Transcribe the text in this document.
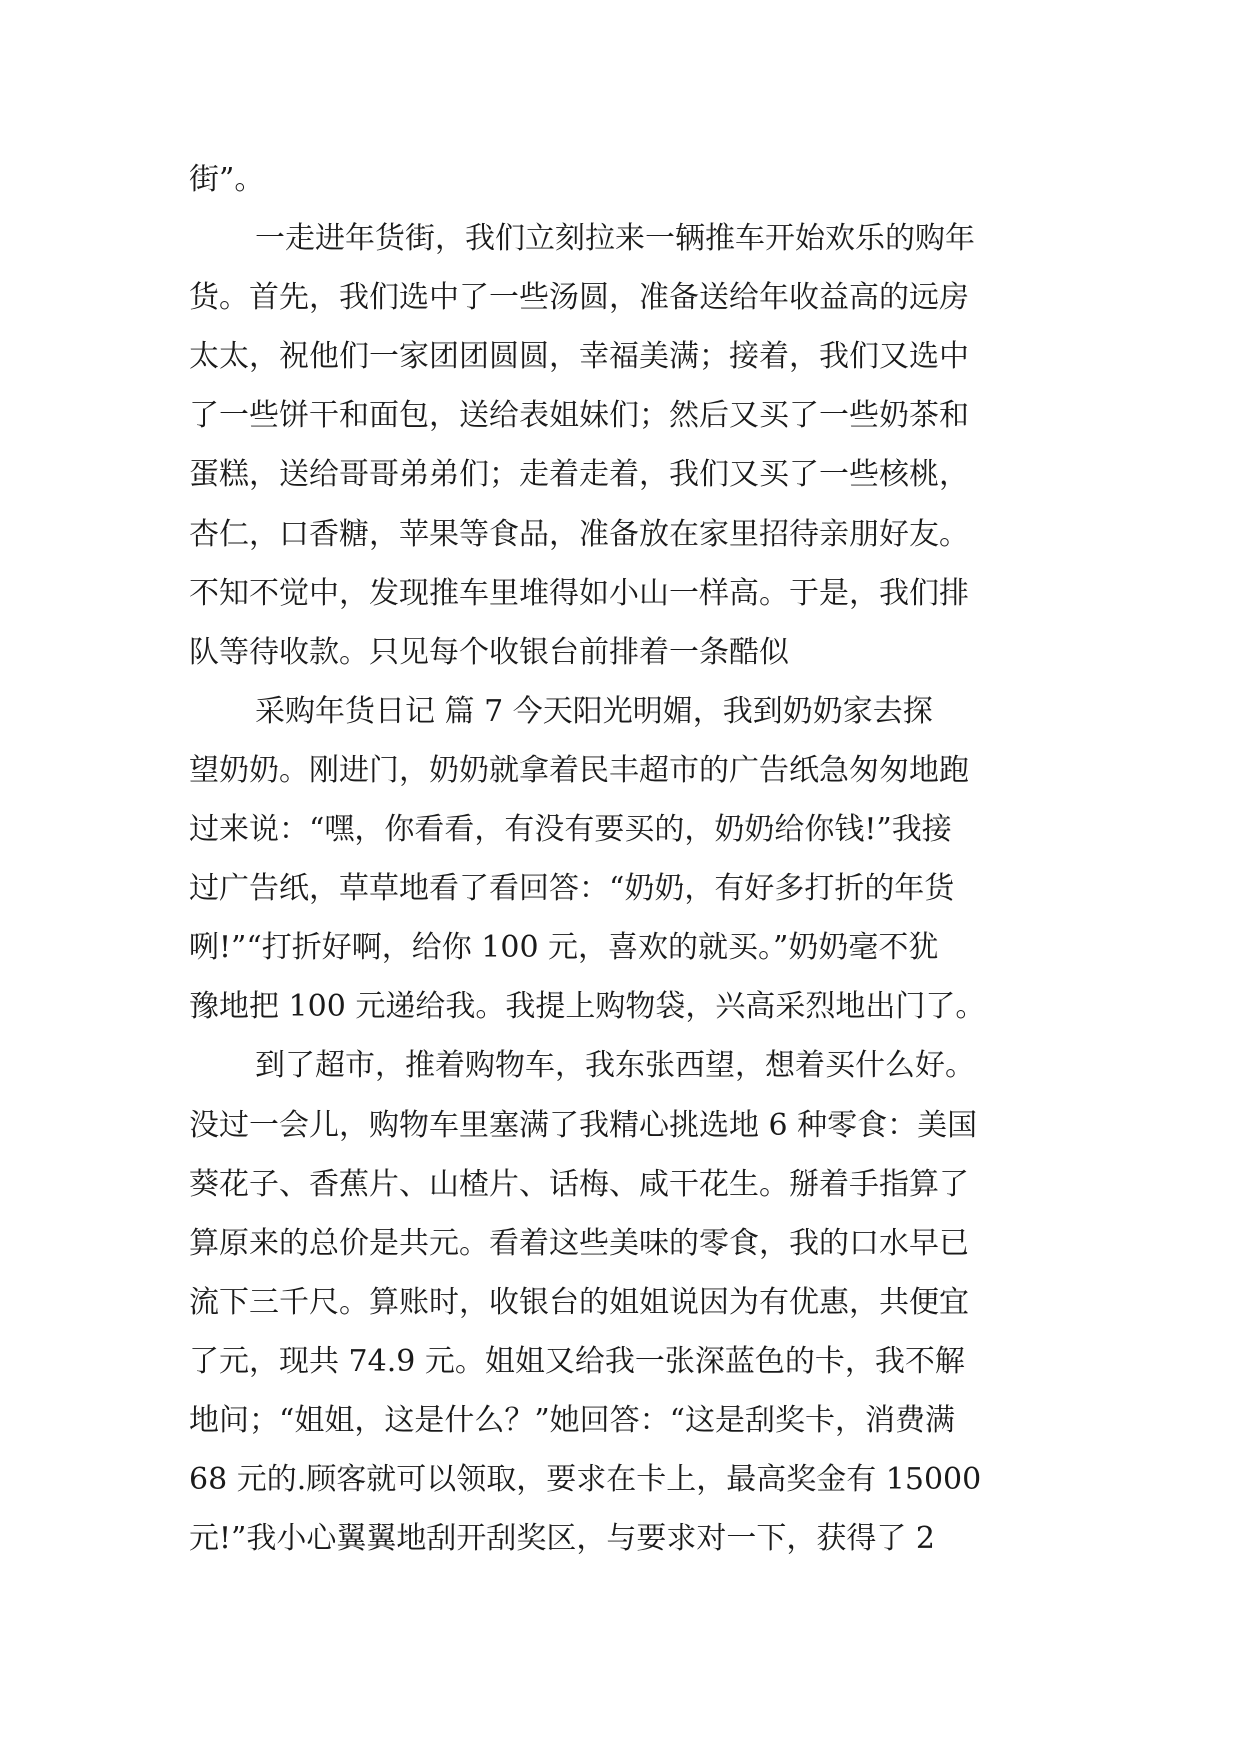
街”。
一走进年货街，我们立刻拉来一辆推车开始欢乐的购年
货。首先，我们选中了一些汤圆，准备送给年收益高的远房
太太，祝他们一家团团圆圆，幸福美满；接着，我们又选中
了一些饼干和面包，送给表姐妹们；然后又买了一些奶茶和
蛋糕，送给哥哥弟弟们；走着走着，我们又买了一些核桃，
杏仁，口香糖，苹果等食品，准备放在家里招待亲朋好友。
不知不觉中，发现推车里堆得如小山一样高。于是，我们排
队等待收款。只见每个收银台前排着一条酷似
采购年货日记 篇 7 今天阳光明媚，我到奶奶家去探
望奶奶。刚进门，奶奶就拿着民丰超市的广告纸急匆匆地跑
过来说：“嘿，你看看，有没有要买的，奶奶给你钱!”我接
过广告纸，草草地看了看回答：“奶奶，有好多打折的年货
咧!”“打折好啊，给你 100 元，喜欢的就买。”奶奶毫不犹
豫地把 100 元递给我。我提上购物袋，兴高采烈地出门了。
到了超市，推着购物车，我东张西望，想着买什么好。
没过一会儿，购物车里塞满了我精心挑选地 6 种零食：美国
葵花子、香蕉片、山楂片、话梅、咸干花生。掰着手指算了
算原来的总价是共元。看着这些美味的零食，我的口水早已
流下三千尺。算账时，收银台的姐姐说因为有优惠，共便宜
了元，现共 74.9 元。姐姐又给我一张深蓝色的卡，我不解
地问；“姐姐，这是什么？”她回答：“这是刮奖卡，消费满
68 元的.顾客就可以领取，要求在卡上，最高奖金有 15000
元!”我小心翼翼地刮开刮奖区，与要求对一下，获得了 2
